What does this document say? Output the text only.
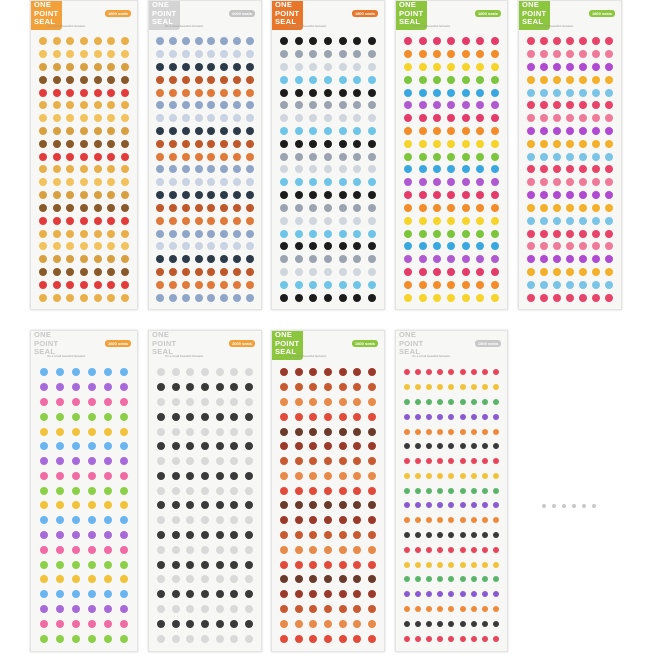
ONE
POINT
SEAL
1600 seals
It's a small beautiful fantastic
ONE
POINT
SEAL
2000 seals
It's a small beautiful fantastic
ONE
POINT
SEAL
1800 seals
It's a small beautiful fantastic
ONE
POINT
SEAL
1800 seals
It's a small beautiful fantastic
ONE
POINT
SEAL
1800 seals
It's a small beautiful fantastic
ONE
POINT
SEAL
1600 seals
It's a small beautiful fantastic
ONE
POINT
SEAL
2000 seals
It's a small beautiful fantastic
ONE
POINT
SEAL
1600 seals
It's a small beautiful fantastic
ONE
POINT
SEAL
1800 seals
It's a small beautiful fantastic
